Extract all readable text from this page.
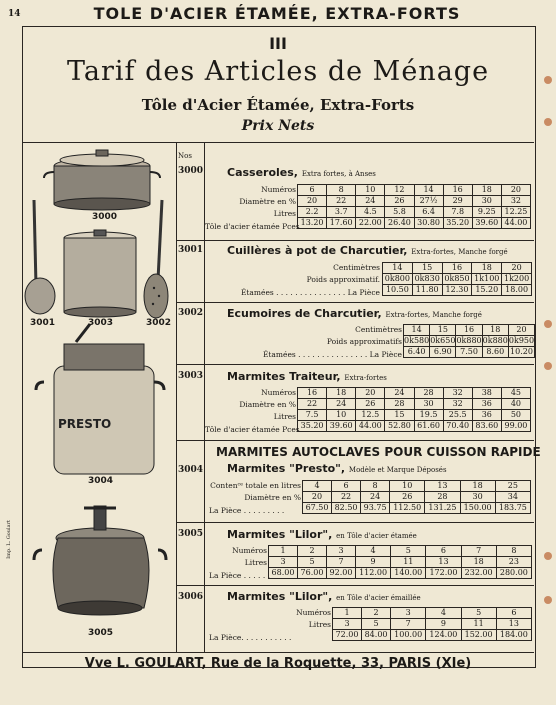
14	TOLE D'ACIER ÉTAMÉE, EXTRA-FORTS
III
Tarif des Articles de Ménage
Tôle d'Acier Étamée, Extra-Forts
Prix Nets
Nos
PRESTO
3000
3001	3003	3002
3004
3005
Imp. L. Goulart
3000 Casseroles, Extra fortes, à Anses
Numéros
Diamètre en %
Litres
Tôle d'acier étamée Pces
6	8	10	12	14	16	18	20
20	22	24	26	27½	29	30	32
2.2	3.7	4.5	5.8	6.4	7.8	9.25	12.25
13.20	17.60	22.00	26.40	30.80	35.20	39.60	44.00
3001 Cuillères à pot de Charcutier, Extra-fortes, Manche forgé
Centimètres
Poids approximatif.
Étamées . . . . . . . . . . . . . . . La Pièce
14	15	16	18	20
0k800	0k830	0k850	1k100	1k200
10.50	11.80	12.30	15.20	18.00
3002 Ecumoires de Charcutier, Extra-fortes, Manche forgé
Centimètres
Poids approximatifs
Étamées . . . . . . . . . . . . . . . La Pièce
14	15	16	18	20
0k580	0k650	0k880	0k880	0k950
6.40	6.90	7.50	8.60	10.20
3003 Marmites Traiteur, Extra-fortes
Numéros
Diamètre en %
Litres
Tôle d'acier étamée Pces
16	18	20	24	28	32	38	45
22	24	26	28	30	32	36	40
7.5	10	12.5	15	19.5	25.5	36	50
35.20	39.60	44.00	52.80	61.60	70.40	83.60	99.00
MARMITES AUTOCLAVES POUR CUISSON RAPIDE
3004 Marmites "Presto", Modèle et Marque Déposés
Contenᶜᵉ totale en litres
Diamètre en %
La Pièce . . . . . . . . .
4	6	8	10	13	18	25
20	22	24	26	28	30	34
67.50	82.50	93.75	112.50	131.25	150.00	183.75
3005 Marmites "Lilor", en Tôle d'acier étamée
Numéros
Litres
La Pièce . . . . . .
1	2	3	4	5	6	7	8
3	5	7	9	11	13	18	23
68.00	76.00	92.00	112.00	140.00	172.00	232.00	280.00
3006 Marmites "Lilor", en Tôle d'acier émaillée
Numéros
Litres
La Pièce. . . . . . . . . . .
1	2	3	4	5	6
3	5	7	9	11	13
72.00	84.00	100.00	124.00	152.00	184.00
Vve L. GOULART, Rue de la Roquette, 33, PARIS (XIe)
